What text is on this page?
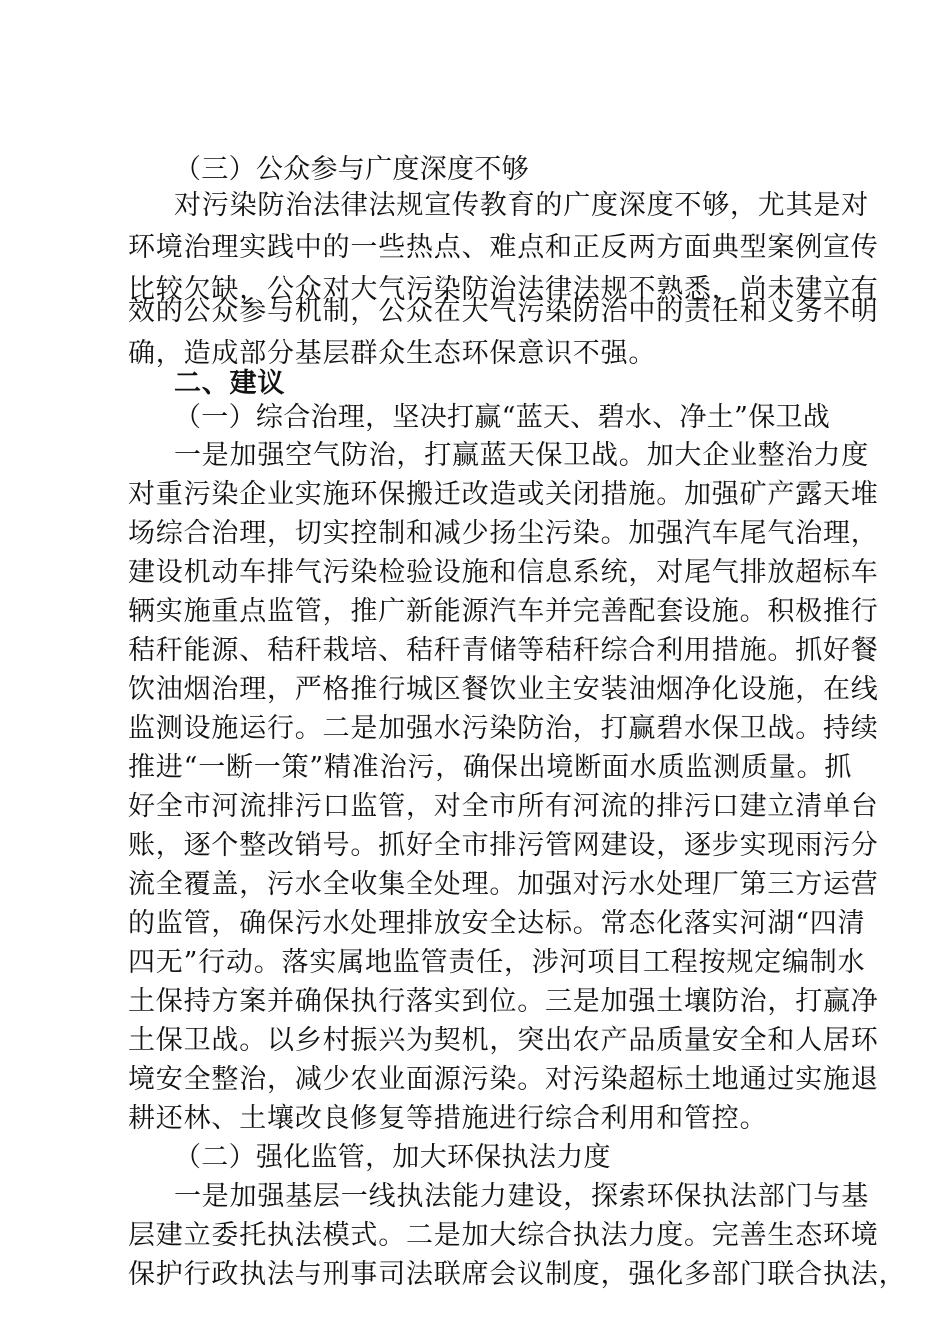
（三）公众参与广度深度不够
对污染防治法律法规宣传教育的广度深度不够，尤其是对
环境治理实践中的一些热点、难点和正反两方面典型案例宣传
比较欠缺，公众对大气污染防治法律法规不熟悉，尚未建立有
效的公众参与机制，公众在大气污染防治中的责任和义务不明
确，造成部分基层群众生态环保意识不强。
二、建议
（一）综合治理，坚决打赢“蓝天、碧水、净土”保卫战
一是加强空气防治，打赢蓝天保卫战。加大企业整治力度
对重污染企业实施环保搬迁改造或关闭措施。加强矿产露天堆
场综合治理，切实控制和减少扬尘污染。加强汽车尾气治理，
建设机动车排气污染检验设施和信息系统，对尾气排放超标车
辆实施重点监管，推广新能源汽车并完善配套设施。积极推行
秸秆能源、秸秆栽培、秸秆青储等秸秆综合利用措施。抓好餐
饮油烟治理，严格推行城区餐饮业主安装油烟净化设施，在线
监测设施运行。二是加强水污染防治，打赢碧水保卫战。持续
推进“一断一策”精准治污，确保出境断面水质监测质量。抓
好全市河流排污口监管，对全市所有河流的排污口建立清单台
账，逐个整改销号。抓好全市排污管网建设，逐步实现雨污分
流全覆盖，污水全收集全处理。加强对污水处理厂第三方运营
的监管，确保污水处理排放安全达标。常态化落实河湖“四清
四无”行动。落实属地监管责任，涉河项目工程按规定编制水
土保持方案并确保执行落实到位。三是加强土壤防治，打赢净
土保卫战。以乡村振兴为契机，突出农产品质量安全和人居环
境安全整治，减少农业面源污染。对污染超标土地通过实施退
耕还林、土壤改良修复等措施进行综合利用和管控。
（二）强化监管，加大环保执法力度
一是加强基层一线执法能力建设，探索环保执法部门与基
层建立委托执法模式。二是加大综合执法力度。完善生态环境
保护行政执法与刑事司法联席会议制度，强化多部门联合执法，
